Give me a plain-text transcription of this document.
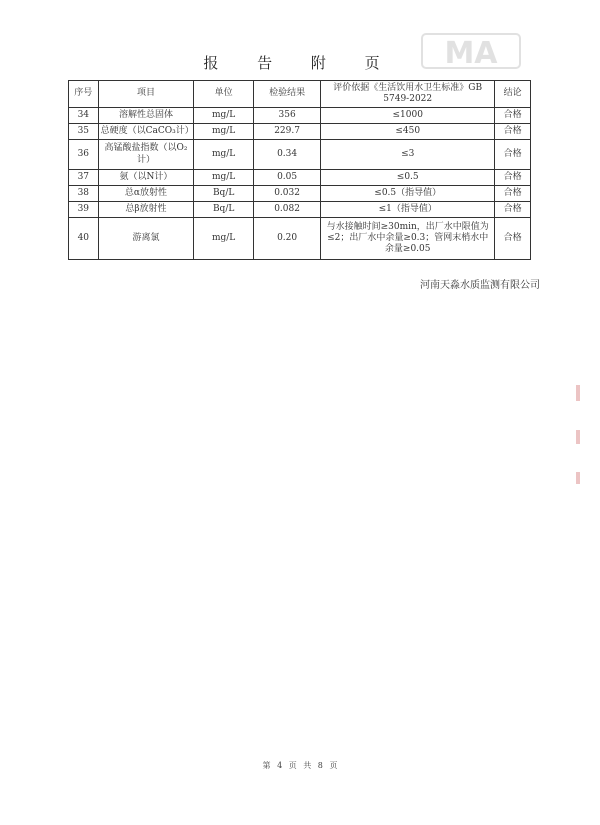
报 告 附 页	MA
序号	项目	单位	检验结果	评价依据《生活饮用水卫生标准》GB 5749-2022	结论
34	溶解性总固体	mg/L	356	≤1000	合格
35	总硬度（以CaCO₃计）	mg/L	229.7	≤450	合格
36	高锰酸盐指数（以O₂计）	mg/L	0.34	≤3	合格
37	氨（以N计）	mg/L	0.05	≤0.5	合格
38	总α放射性	Bq/L	0.032	≤0.5（指导值）	合格
39	总β放射性	Bq/L	0.082	≤1（指导值）	合格
40	游离氯	mg/L	0.20	与水接触时间≥30min，出厂水中限值为≤2；出厂水中余量≥0.3；管网末梢水中余量≥0.05	合格
河南天淼水质监测有限公司
第 4 页 共 8 页
